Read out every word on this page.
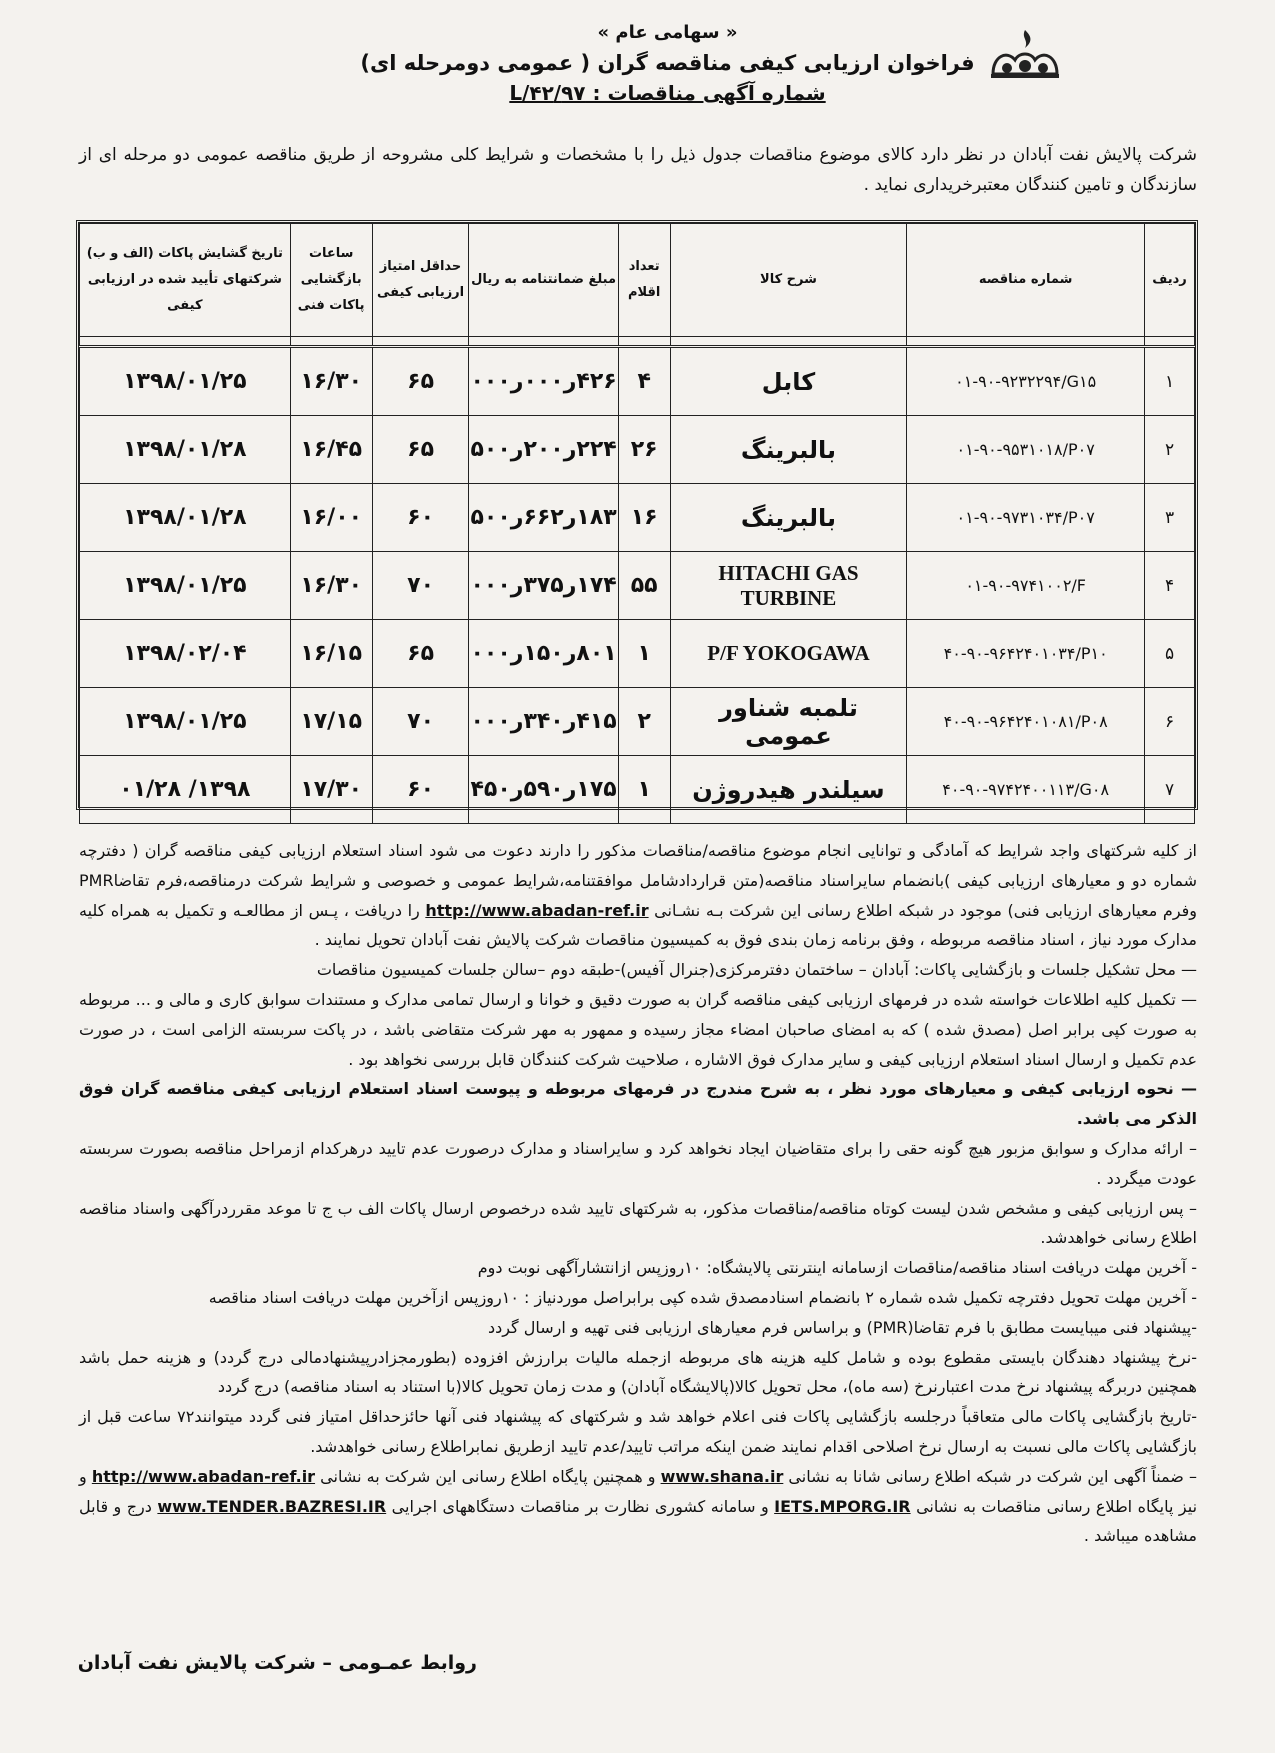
« سهامی عام »
فراخوان ارزیابی کیفی مناقصه گران ( عمومی دومرحله ای)
شماره آگهی مناقصات : ۹۷/L/۴۲
شرکت پالایش نفت آبادان در نظر دارد کالای موضوع مناقصات جدول ذیل را با مشخصات و شرایط کلی مشروحه از طریق مناقصه عمومی دو مرحله ای از سازندگان و تامین کنندگان معتبرخریداری نماید .
ردیف	شماره مناقصه	شرح کالا	تعداد اقلام	مبلغ ضمانتنامه به ریال	حداقل امتیاز ارزیابی کیفی	ساعات بازگشایی پاکات فنی	تاریخ گشایش پاکات (الف و ب) شرکتهای تأیید شده در ارزیابی کیفی

۱	۰۱-۹۰-۹۲۳۲۲۹۴/G۱۵	کابل	۴	۴۲۶ر۰۰۰ر۰۰۰	۶۵	۱۶/۳۰	۱۳۹۸/۰۱/۲۵
۲	۰۱-۹۰-۹۵۳۱۰۱۸/P۰۷	بالبرینگ	۲۶	۲۲۴ر۲۰۰ر۵۰۰	۶۵	۱۶/۴۵	۱۳۹۸/۰۱/۲۸
۳	۰۱-۹۰-۹۷۳۱۰۳۴/P۰۷	بالبرینگ	۱۶	۱۸۳ر۶۶۲ر۵۰۰	۶۰	۱۶/۰۰	۱۳۹۸/۰۱/۲۸
۴	۰۱-۹۰-۹۷۴۱۰۰۲/F	HITACHI GAS TURBINE	۵۵	۱۷۴ر۳۷۵ر۰۰۰	۷۰	۱۶/۳۰	۱۳۹۸/۰۱/۲۵
۵	۴۰-۹۰-۹۶۴۲۴۰۱۰۳۴/P۱۰	P/F YOKOGAWA	۱	۸۰۱ر۱۵۰ر۰۰۰	۶۵	۱۶/۱۵	۱۳۹۸/۰۲/۰۴
۶	۴۰-۹۰-۹۶۴۲۴۰۱۰۸۱/P۰۸	تلمبه شناور عمومی	۲	۴۱۵ر۳۴۰ر۰۰۰	۷۰	۱۷/۱۵	۱۳۹۸/۰۱/۲۵
۷	۴۰-۹۰-۹۷۴۲۴۰۰۱۱۳/G۰۸	سیلندر هیدروژن	۱	۱۷۵ر۵۹۰ر۴۵۰	۶۰	۱۷/۳۰	۱۳۹۸/ ۰۱/۲۸

از کلیه شرکتهای واجد شرایط که آمادگی و توانایی انجام موضوع مناقصه/مناقصات مذکور را دارند دعوت می شود اسناد استعلام ارزیابی کیفی مناقصه گران ( دفترچه شماره دو و معیارهای ارزیابی کیفی )بانضمام سایراسناد مناقصه(متن قراردادشامل موافقتنامه،شرایط عمومی و خصوصی و شرایط شرکت درمناقصه،فرم تقاضاPMR وفرم معیارهای ارزیابی فنی) موجود در شبکه اطلاع رسانی این شرکت بـه نشـانی http://www.abadan-ref.ir را دریافت ، پـس از مطالعـه و تکمیل به همراه کلیه مدارک مورد نیاز ، اسناد مناقصه مربوطه ، وفق برنامه زمان بندی فوق به کمیسیون مناقصات شرکت پالایش نفت آبادان تحویل نمایند .

— محل تشکیل جلسات و بازگشایی پاکات: آبادان – ساختمان دفترمرکزی(جنرال آفیس)-طبقه دوم –سالن جلسات کمیسیون مناقصات

— تکمیل کلیه اطلاعات خواسته شده در فرمهای ارزیابی کیفی مناقصه گران به صورت دقیق و خوانا و ارسال تمامی مدارک و مستندات سوابق کاری و مالی و ... مربوطه به صورت کپی برابر اصل (مصدق شده ) که به امضای صاحبان امضاء مجاز رسیده و ممهور به مهر شرکت متقاضی باشد ، در پاکت سربسته الزامی است ، در صورت عدم تکمیل و ارسال اسناد استعلام ارزیابی کیفی و سایر مدارک فوق الاشاره ، صلاحیت شرکت کنندگان قابل بررسی نخواهد بود .

— نحوه ارزیابی کیفی و معیارهای مورد نظر ، به شرح مندرج در فرمهای مربوطه و پیوست اسناد استعلام ارزیابی کیفی مناقصه گران فوق الذکر می باشد.

– ارائه مدارک و سوابق مزبور هیچ گونه حقی را برای متقاضیان ایجاد نخواهد کرد و سایراسناد و مدارک درصورت عدم تایید درهرکدام ازمراحل مناقصه بصورت سربسته عودت میگردد .

– پس ارزیابی کیفی و مشخص شدن لیست کوتاه مناقصه/مناقصات مذکور، به شرکتهای تایید شده درخصوص ارسال پاکات الف ب ج تا موعد مقرردرآگهی واسناد مناقصه اطلاع رسانی خواهدشد.

- آخرین مهلت دریافت اسناد مناقصه/مناقصات ازسامانه اینترنتی پالایشگاه: ۱۰روزپس ازانتشارآگهی نوبت دوم

- آخرین مهلت تحویل دفترچه تکمیل شده شماره ۲ بانضمام اسنادمصدق شده کپی برابراصل موردنیاز : ۱۰روزپس ازآخرین مهلت دریافت اسناد مناقصه

-پیشنهاد فنی میبایست مطابق با فرم تقاضا(PMR) و براساس فرم معیارهای ارزیابی فنی تهیه و ارسال گردد

-نرخ پیشنهاد دهندگان بایستی مقطوع بوده و شامل کلیه هزینه های مربوطه ازجمله مالیات برارزش افزوده (بطورمجزادرپیشنهادمالی درج گردد) و هزینه حمل باشد همچنین دربرگه پیشنهاد نرخ مدت اعتبارنرخ (سه ماه)، محل تحویل کالا(پالایشگاه آبادان) و مدت زمان تحویل کالا(با استناد به اسناد مناقصه) درج گردد

-تاریخ بازگشایی پاکات مالی متعاقباً درجلسه بازگشایی پاکات فنی اعلام خواهد شد و شرکتهای که پیشنهاد فنی آنها حائزحداقل امتیاز فنی گردد میتوانند۷۲ ساعت قبل از بازگشایی پاکات مالی نسبت به ارسال نرخ اصلاحی اقدام نمایند ضمن اینکه مراتب تایید/عدم تایید ازطریق نمابراطلاع رسانی خواهدشد.

– ضمناً آگهی این شرکت در شبکه اطلاع رسانی شانا به نشانی www.shana.ir و همچنین پایگاه اطلاع رسانی این شرکت به نشانی http://www.abadan-ref.ir و نیز پایگاه اطلاع رسانی مناقصات به نشانی IETS.MPORG.IR و سامانه کشوری نظارت بر مناقصات دستگاههای اجرایی www.TENDER.BAZRESI.IR درج و قابل مشاهده میباشد .

روابط عمـومی – شرکت پالایش نفت آبادان
